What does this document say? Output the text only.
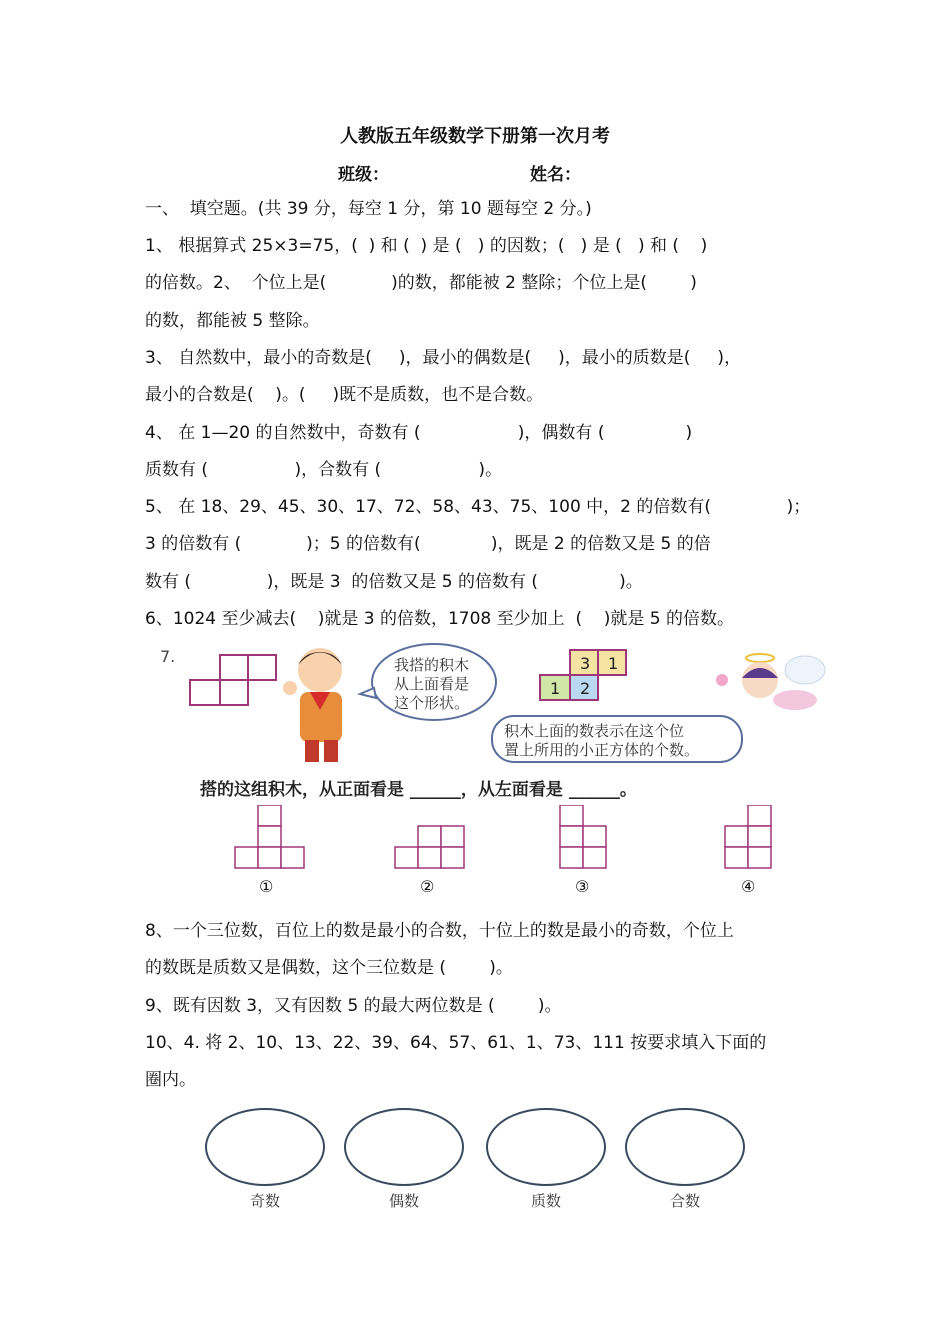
人教版五年级数学下册第一次月考
班级：	姓名：
一、  填空题。(共 39 分，每空 1 分，第 10 题每空 2 分。)
1、 根据算式 25×3=75，(  ) 和 (  ) 是 (   ) 的因数；(   ) 是 (   ) 和 (    )
的倍数。2、  个位上是(            )的数，都能被 2 整除；个位上是(        )
的数，都能被 5 整除。
3、 自然数中，最小的奇数是(     )，最小的偶数是(     )，最小的质数是(     )，
最小的合数是(    )。(     )既不是质数，也不是合数。
4、 在 1—20 的自然数中，奇数有 (                  )，偶数有 (               )
质数有 (                )，合数有 (                  )。
5、 在 18、29、45、30、17、72、58、43、75、100 中，2 的倍数有(              )；
3 的倍数有 (            )；5 的倍数有(             )，既是 2 的倍数又是 5 的倍
数有 (              )，既是 3  的倍数又是 5 的倍数有 (               )。
6、1024 至少减去(    )就是 3 的倍数，1708 至少加上  (    )就是 5 的倍数。
7.	我搭的积木
从上面看是
这个形状。
3 1
1 2
积木上面的数表示在这个位
置上所用的小正方体的个数。
搭的这组积木，从正面看是 ______，从左面看是 ______。
①	②	③	④
8、一个三位数，百位上的数是最小的合数，十位上的数是最小的奇数，个位上
的数既是质数又是偶数，这个三位数是 (        )。
9、既有因数 3，又有因数 5 的最大两位数是 (        )。
10、4. 将 2、10、13、22、39、64、57、61、1、73、111 按要求填入下面的
圈内。
奇数	偶数	质数	合数
